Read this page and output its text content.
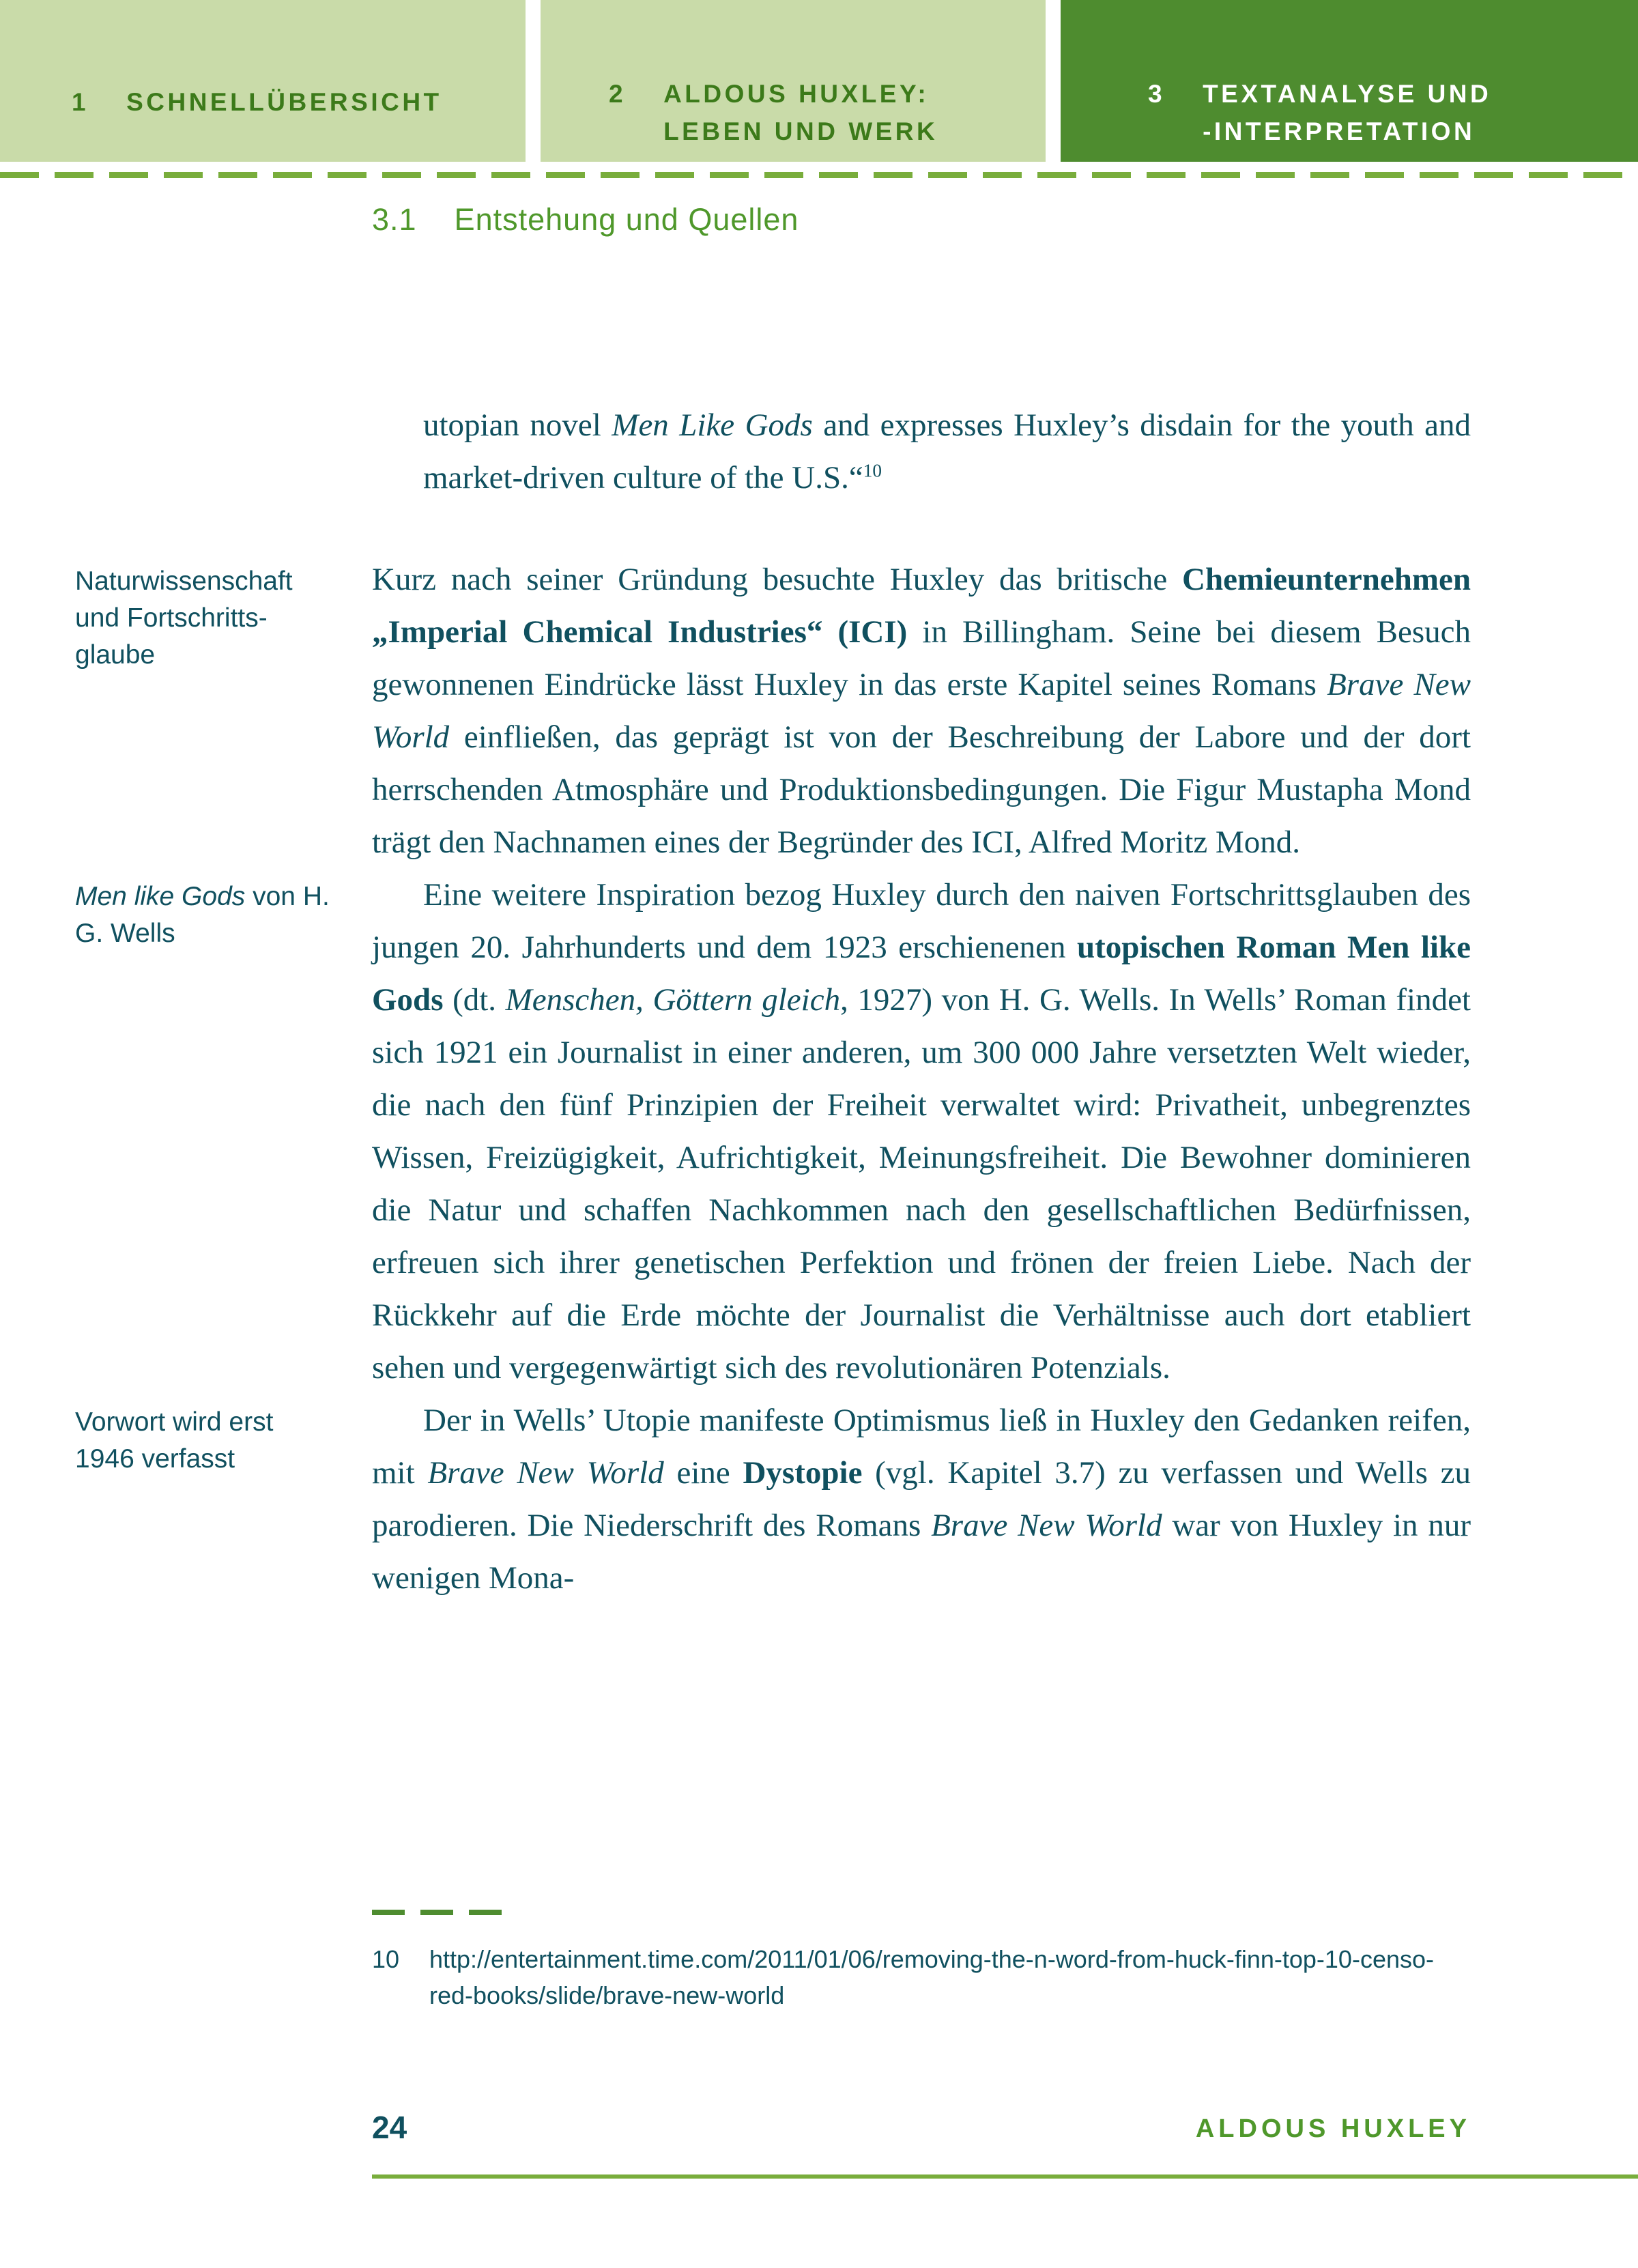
1 SCHNELLÜBERSICHT	2 ALDOUS HUXLEY:
LEBEN UND WERK
3 TEXTANALYSE UND
-INTERPRETATION
3.1 Entstehung und Quellen
utopian novel Men Like Gods and expresses Huxley’s disdain for the youth and market-driven culture of the U.S.“$^{10}$
Naturwissenschaft und Fortschritts-glaube
Kurz nach seiner Gründung besuchte Huxley das britische Chemieunternehmen „Imperial Chemical Industries“ (ICI) in Billingham. Seine bei diesem Besuch gewonnenen Eindrücke lässt Huxley in das erste Kapitel seines Romans Brave New World einfließen, das geprägt ist von der Beschreibung der Labore und der dort herrschenden Atmosphäre und Produktionsbedingungen. Die Figur Mustapha Mond trägt den Nachnamen eines der Begründer des ICI, Alfred Moritz Mond.
Men like Gods von H. G. Wells
Eine weitere Inspiration bezog Huxley durch den naiven Fortschrittsglauben des jungen 20. Jahrhunderts und dem 1923 erschienenen utopischen Roman Men like Gods (dt. Menschen, Göttern gleich, 1927) von H. G. Wells. In Wells’ Roman findet sich 1921 ein Journalist in einer anderen, um 300 000 Jahre versetzten Welt wieder, die nach den fünf Prinzipien der Freiheit verwaltet wird: Privatheit, unbegrenztes Wissen, Freizügigkeit, Aufrichtigkeit, Meinungsfreiheit. Die Bewohner dominieren die Natur und schaffen Nachkommen nach den gesellschaftlichen Bedürfnissen, erfreuen sich ihrer genetischen Perfektion und frönen der freien Liebe. Nach der Rückkehr auf die Erde möchte der Journalist die Verhältnisse auch dort etabliert sehen und vergegenwärtigt sich des revolutionären Potenzials.
Vorwort wird erst 1946 verfasst
Der in Wells’ Utopie manifeste Optimismus ließ in Huxley den Gedanken reifen, mit Brave New World eine Dystopie (vgl. Kapitel 3.7) zu verfassen und Wells zu parodieren. Die Niederschrift des Romans Brave New World war von Huxley in nur wenigen Mona-
10 http://entertainment.time.com/2011/01/06/removing-the-n-word-from-huck-finn-top-10-censo-
red-books/slide/brave-new-world
24	ALDOUS HUXLEY
